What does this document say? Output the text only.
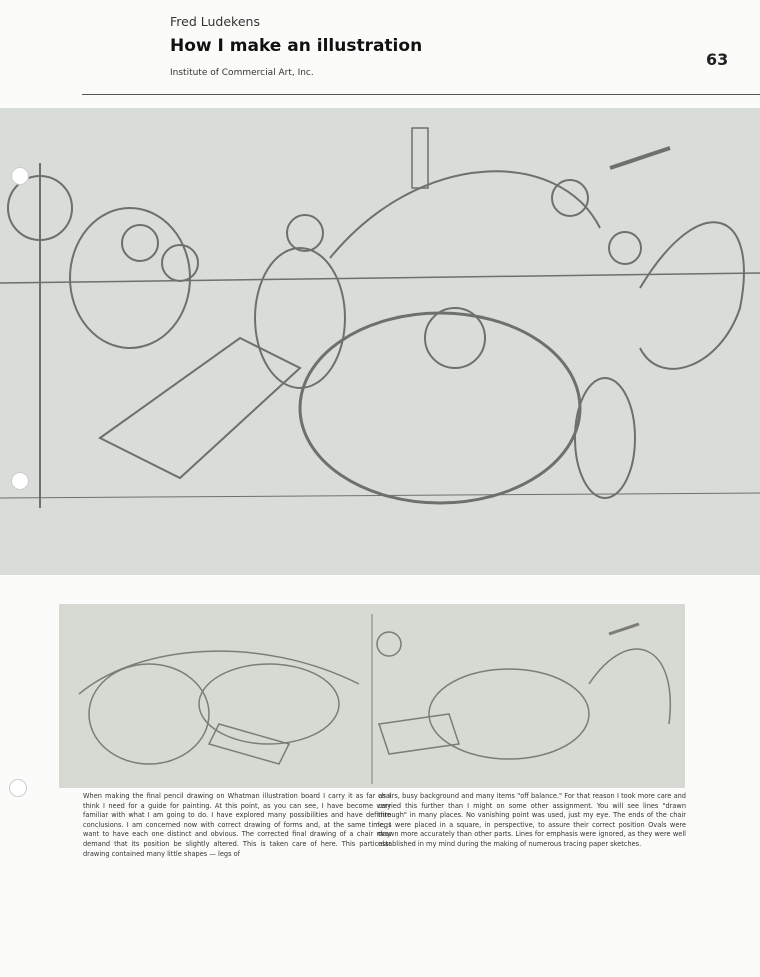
Fred Ludekens
How I make an illustration
Institute of Commercial Art, Inc.
63
When making the final pencil drawing on Whatman illustration board I carry it as far as I think I need for a guide for painting. At this point, as you can see, I have become very familiar with what I am going to do. I have explored many possibilities and have definite conclusions. I am concerned now with correct drawing of forms and, at the same time, I want to have each one distinct and obvious. The corrected final drawing of a chair may demand that its position be slightly altered. This is taken care of here. This particular drawing contained many little shapes — legs of
chairs, busy background and many items "off balance." For that reason I took more care and carried this further than I might on some other assignment. You will see lines "drawn through" in many places. No vanishing point was used, just my eye. The ends of the chair legs were placed in a square, in perspective, to assure their correct position Ovals were drawn more accurately than other parts. Lines for emphasis were ignored, as they were well established in my mind during the making of numerous tracing paper sketches.
